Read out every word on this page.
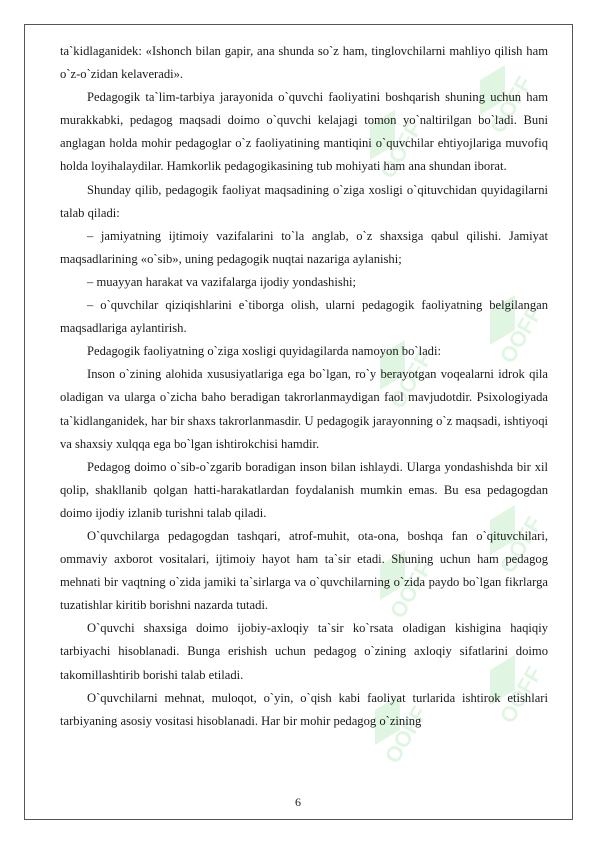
OOFF
OOFF
OOFF
OOFF
OOFF
OOFF
OOFF
OOFF

ta`kidlaganidek: «Ishonch bilan gapir, ana shunda so`z ham, tinglovchilarni mahliyo qilish ham o`z-o`zidan kelaveradi».

Pedagogik ta`lim-tarbiya jarayonida o`quvchi faoliyatini boshqarish shuning uchun ham murakkabki, pedagog maqsadi doimo o`quvchi kelajagi tomon yo`naltirilgan bo`ladi. Buni anglagan holda mohir pedagoglar o`z faoliyatining mantiqini o`quvchilar ehtiyojlariga muvofiq holda loyihalaydilar. Hamkorlik pedagogikasining tub mohiyati ham ana shundan iborat.

Shunday qilib, pedagogik faoliyat maqsadining o`ziga xosligi o`qituvchidan quyidagilarni talab qiladi:

– jamiyatning ijtimoiy vazifalarini to`la anglab, o`z shaxsiga qabul qilishi. Jamiyat maqsadlarining «o`sib», uning pedagogik nuqtai nazariga aylanishi;

– muayyan harakat va vazifalarga ijodiy yondashishi;

– o`quvchilar qiziqishlarini e`tiborga olish, ularni pedagogik faoliyatning belgilangan maqsadlariga aylantirish.

Pedagogik faoliyatning o`ziga xosligi quyidagilarda namoyon bo`ladi:

Inson o`zining alohida xususiyatlariga ega bo`lgan, ro`y berayotgan voqealarni idrok qila oladigan va ularga o`zicha baho beradigan takrorlanmaydigan faol mavjudotdir. Psixologiyada ta`kidlanganidek, har bir shaxs takrorlanmasdir. U pedagogik jarayonning o`z maqsadi, ishtiyoqi va shaxsiy xulqqa ega bo`lgan ishtirokchisi hamdir.

Pedagog doimo o`sib-o`zgarib boradigan inson bilan ishlaydi. Ularga yondashishda bir xil qolip, shakllanib qolgan hatti-harakatlardan foydalanish mumkin emas. Bu esa pedagogdan doimo ijodiy izlanib turishni talab qiladi.

O`quvchilarga pedagogdan tashqari, atrof-muhit, ota-ona, boshqa fan o`qituvchilari, ommaviy axborot vositalari, ijtimoiy hayot ham ta`sir etadi. Shuning uchun ham pedagog mehnati bir vaqtning o`zida jamiki ta`sirlarga va o`quvchilarning o`zida paydo bo`lgan fikrlarga tuzatishlar kiritib borishni nazarda tutadi.

O`quvchi shaxsiga doimo ijobiy-axloqiy ta`sir ko`rsata oladigan kishigina haqiqiy tarbiyachi hisoblanadi. Bunga erishish uchun pedagog o`zining axloqiy sifatlarini doimo takomillashtirib borishi talab etiladi.

O`quvchilarni mehnat, muloqot, o`yin, o`qish kabi faoliyat turlarida ishtirok etishlari tarbiyaning asosiy vositasi hisoblanadi. Har bir mohir pedagog o`zining

6
